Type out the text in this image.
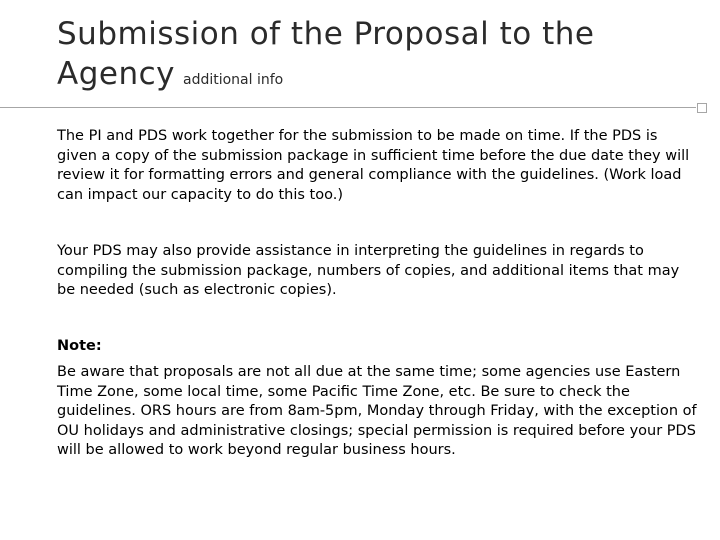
Submission of the Proposal to the Agency additional info

The PI and PDS work together for the submission to be made on time. If the PDS is given a copy of the submission package in sufficient time before the due date they will review it for formatting errors and general compliance with the guidelines. (Work load can impact our capacity to do this too.)

Your PDS may also provide assistance in interpreting the guidelines in regards to compiling the submission package, numbers of copies, and additional items that may be needed (such as electronic copies).

Note:

Be aware that proposals are not all due at the same time; some agencies use Eastern Time Zone, some local time, some Pacific Time Zone, etc. Be sure to check the guidelines. ORS hours are from 8am-5pm, Monday through Friday, with the exception of OU holidays and administrative closings; special permission is required before your PDS will be allowed to work beyond regular business hours.
